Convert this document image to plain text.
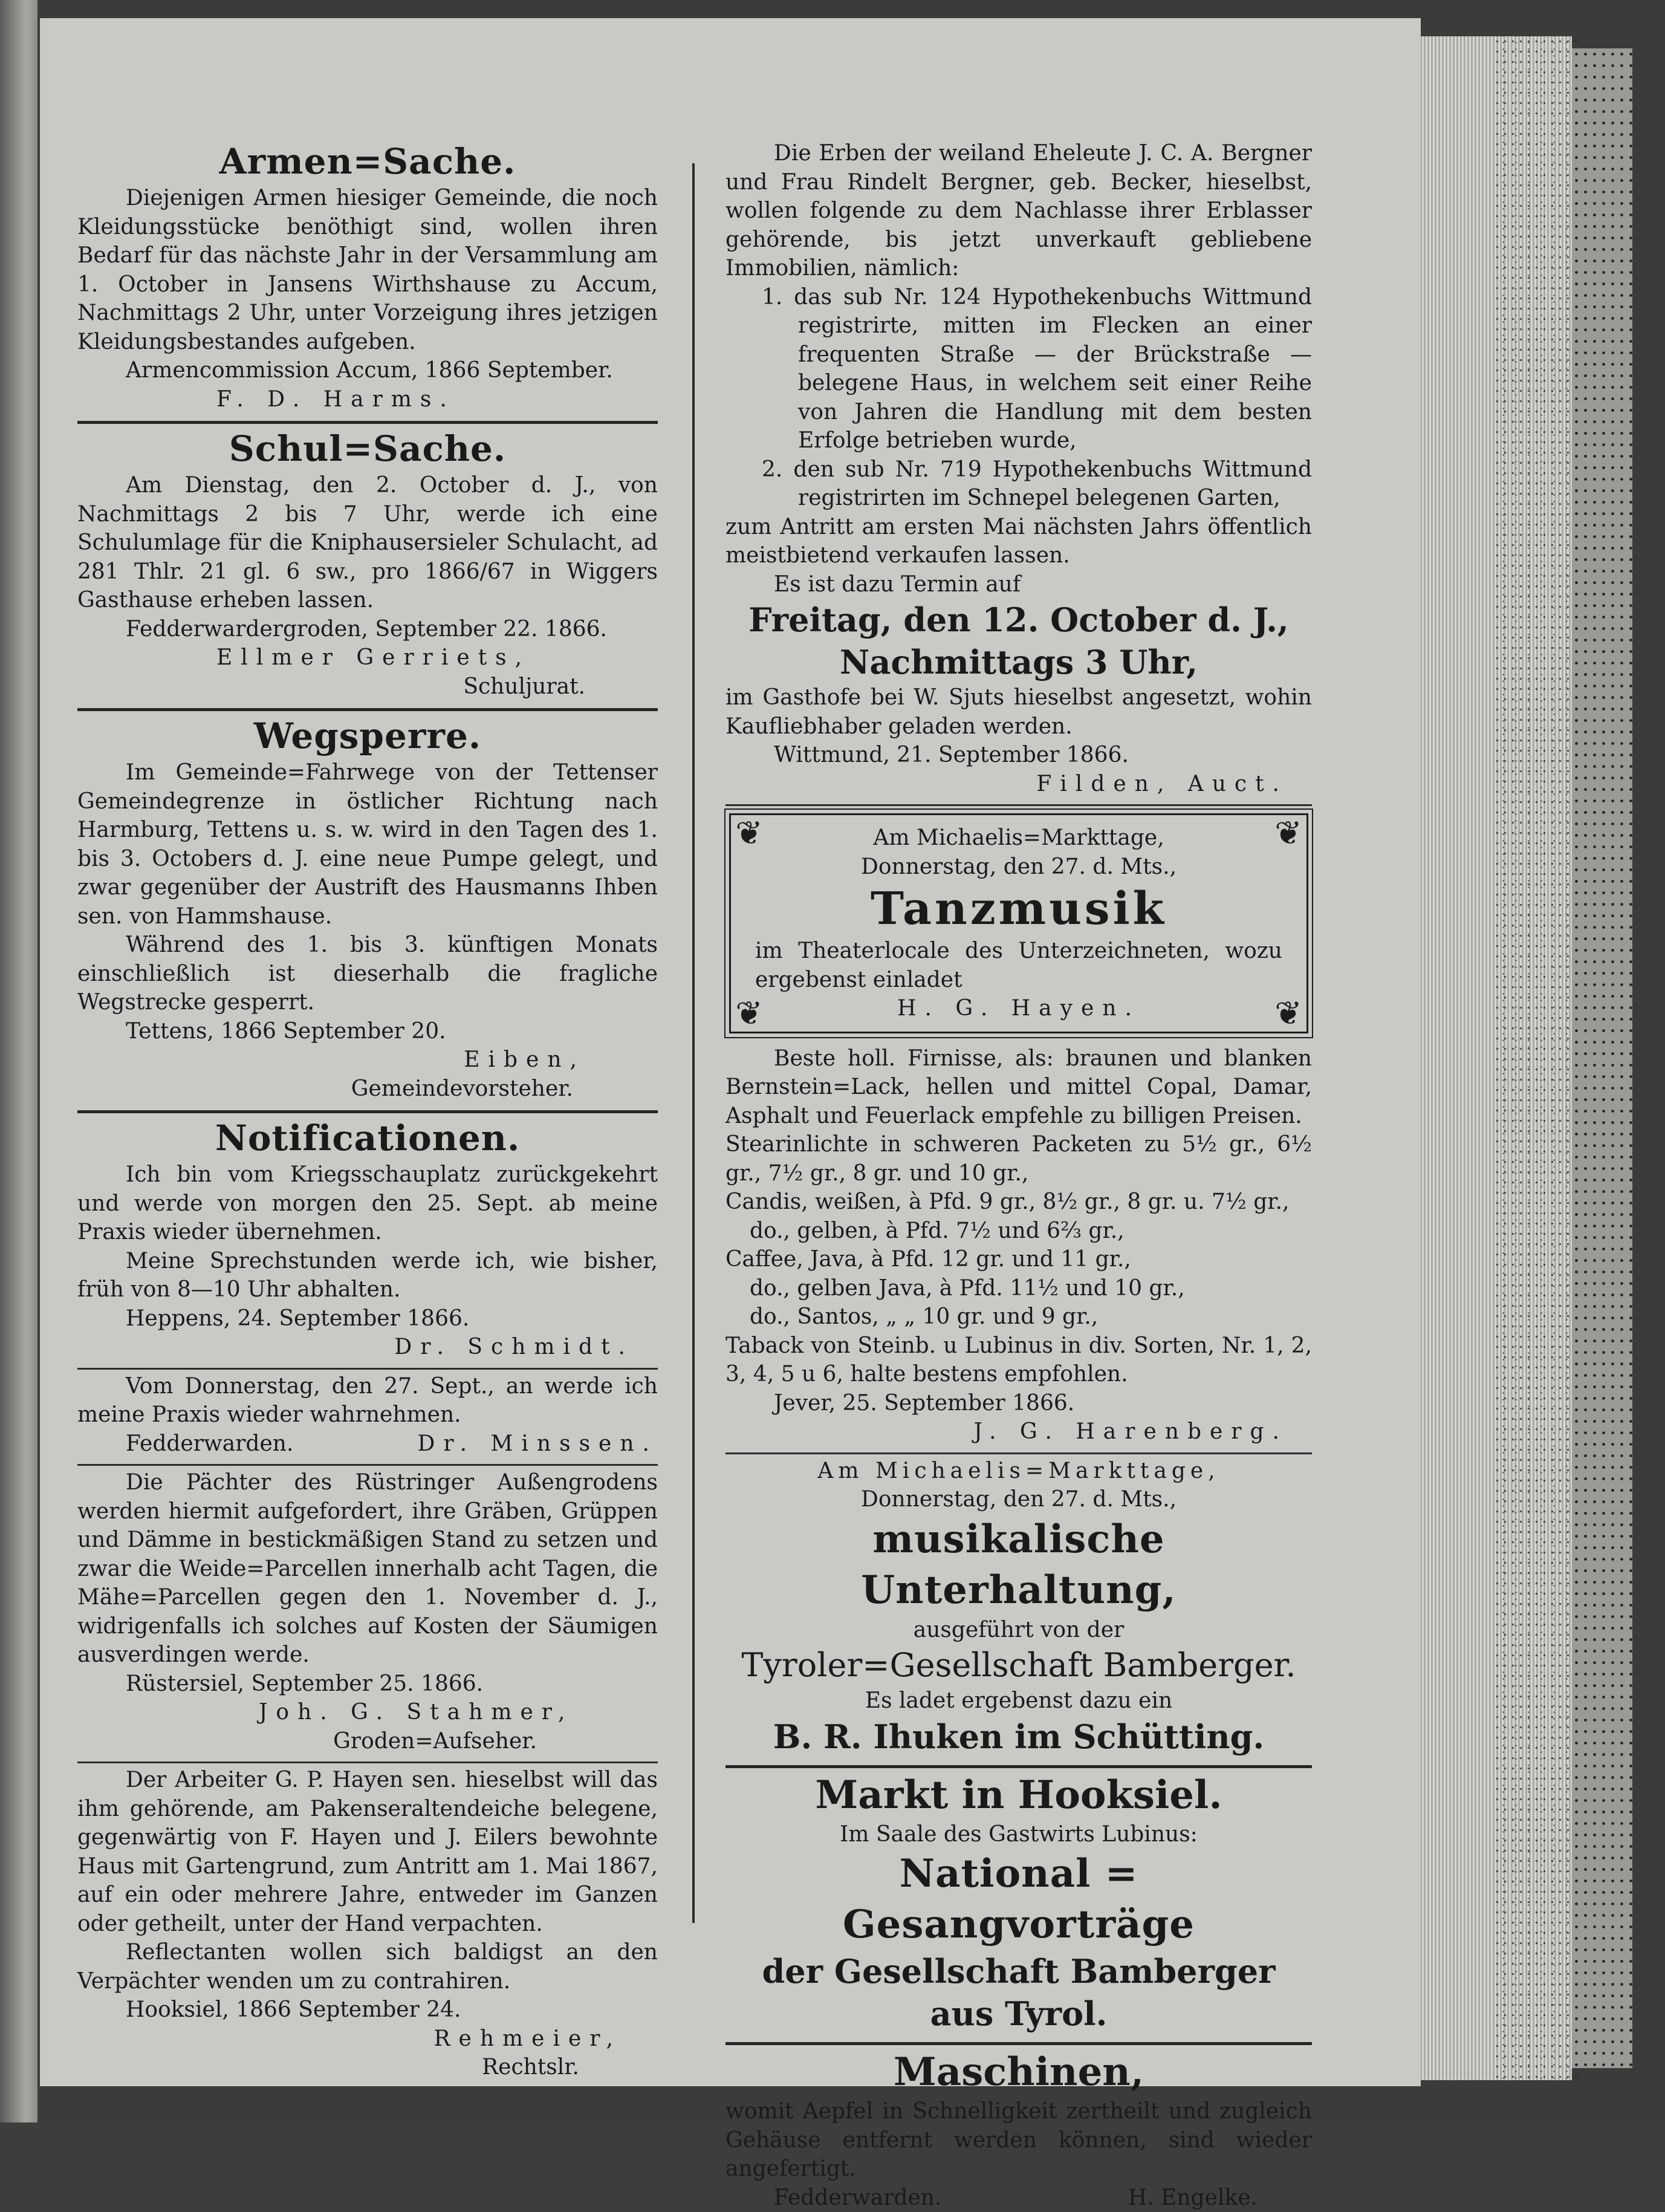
Armen=Sache.

Diejenigen Armen hiesiger Gemeinde, die noch Kleidungsstücke benöthigt sind, wollen ihren Bedarf für das nächste Jahr in der Versammlung am 1. October in Jansens Wirthshause zu Accum, Nachmittags 2 Uhr, unter Vorzeigung ihres jetzigen Kleidungsbestandes aufgeben.

Armencommission Accum, 1866 September.

F. D. Harms.

Schul=Sache.

Am Dienstag, den 2. October d. J., von Nachmittags 2 bis 7 Uhr, werde ich eine Schulumlage für die Kniphausersieler Schulacht, ad 281 Thlr. 21 gl. 6 sw., pro 1866/67 in Wiggers Gasthause erheben lassen.

Fedderwardergroden, September 22. 1866.

Ellmer Gerriets,

Schuljurat.

Wegsperre.

Im Gemeinde=Fahrwege von der Tettenser Gemeindegrenze in östlicher Richtung nach Harmburg, Tettens u. s. w. wird in den Tagen des 1. bis 3. Octobers d. J. eine neue Pumpe gelegt, und zwar gegenüber der Austrift des Hausmanns Ihben sen. von Hammshause.

Während des 1. bis 3. künftigen Monats einschließlich ist dieserhalb die fragliche Wegstrecke gesperrt.

Tettens, 1866 September 20.

Eiben,

Gemeindevorsteher.

Notificationen.

Ich bin vom Kriegsschauplatz zurückgekehrt und werde von morgen den 25. Sept. ab meine Praxis wieder übernehmen.

Meine Sprechstunden werde ich, wie bisher, früh von 8—10 Uhr abhalten.

Heppens, 24. September 1866.

Dr. Schmidt.

Vom Donnerstag, den 27. Sept., an werde ich meine Praxis wieder wahrnehmen.

Fedderwarden.	Dr. Minssen.

Die Pächter des Rüstringer Außengrodens werden hiermit aufgefordert, ihre Gräben, Grüppen und Dämme in bestickmäßigen Stand zu setzen und zwar die Weide=Parcellen innerhalb acht Tagen, die Mähe=Parcellen gegen den 1. November d. J., widrigenfalls ich solches auf Kosten der Säumigen ausverdingen werde.

Rüstersiel, September 25. 1866.

Joh. G. Stahmer,

Groden=Aufseher.

Der Arbeiter G. P. Hayen sen. hieselbst will das ihm gehörende, am Pakenseraltendeiche belegene, gegenwärtig von F. Hayen und J. Eilers bewohnte Haus mit Gartengrund, zum Antritt am 1. Mai 1867, auf ein oder mehrere Jahre, entweder im Ganzen oder getheilt, unter der Hand verpachten.

Reflectanten wollen sich baldigst an den Verpächter wenden um zu contrahiren.

Hooksiel, 1866 September 24.

Rehmeier,

Rechtslr.

Die Erben der weiland Eheleute J. C. A. Bergner und Frau Rindelt Bergner, geb. Becker, hieselbst, wollen folgende zu dem Nachlasse ihrer Erblasser gehörende, bis jetzt unverkauft gebliebene Immobilien, nämlich:

1. das sub Nr. 124 Hypothekenbuchs Wittmund registrirte, mitten im Flecken an einer frequenten Straße — der Brückstraße — belegene Haus, in welchem seit einer Reihe von Jahren die Handlung mit dem besten Erfolge betrieben wurde,

2. den sub Nr. 719 Hypothekenbuchs Wittmund registrirten im Schnepel belegenen Garten,

zum Antritt am ersten Mai nächsten Jahrs öffentlich meistbietend verkaufen lassen.

Es ist dazu Termin auf

Freitag, den 12. October d. J.,
Nachmittags 3 Uhr,

im Gasthofe bei W. Sjuts hieselbst angesetzt, wohin Kaufliebhaber geladen werden.

Wittmund, 21. September 1866.

Filden, Auct.

❦	❦
❦	❦

Am Michaelis=Markttage,

Donnerstag, den 27. d. Mts.,

Tanzmusik

im Theaterlocale des Unterzeichneten, wozu ergebenst einladet

H. G. Hayen.

Beste holl. Firnisse, als: braunen und blanken Bernstein=Lack, hellen und mittel Copal, Damar, Asphalt und Feuerlack empfehle zu billigen Preisen.

Stearinlichte in schweren Packeten zu 5½ gr., 6½ gr., 7½ gr., 8 gr. und 10 gr.,

Candis, weißen, à Pfd. 9 gr., 8½ gr., 8 gr. u. 7½ gr.,

do., gelben, à Pfd. 7½ und 6⅔ gr.,

Caffee, Java, à Pfd. 12 gr. und 11 gr.,

do., gelben Java, à Pfd. 11½ und 10 gr.,

do., Santos, „ „ 10 gr. und 9 gr.,

Taback von Steinb. u Lubinus in div. Sorten, Nr. 1, 2, 3, 4, 5 u 6, halte bestens empfohlen.

Jever, 25. September 1866.

J. G. Harenberg.

Am Michaelis=Markttage,

Donnerstag, den 27. d. Mts.,

musikalische Unterhaltung,

ausgeführt von der

Tyroler=Gesellschaft Bamberger.

Es ladet ergebenst dazu ein

B. R. Ihuken im Schütting.
Markt in Hooksiel.

Im Saale des Gastwirts Lubinus:

National = Gesangvorträge
der Gesellschaft Bamberger aus Tyrol.
Maschinen,

womit Aepfel in Schnelligkeit zertheilt und zugleich Gehäuse entfernt werden können, sind wieder angefertigt.

Fedderwarden.	H. Engelke.
